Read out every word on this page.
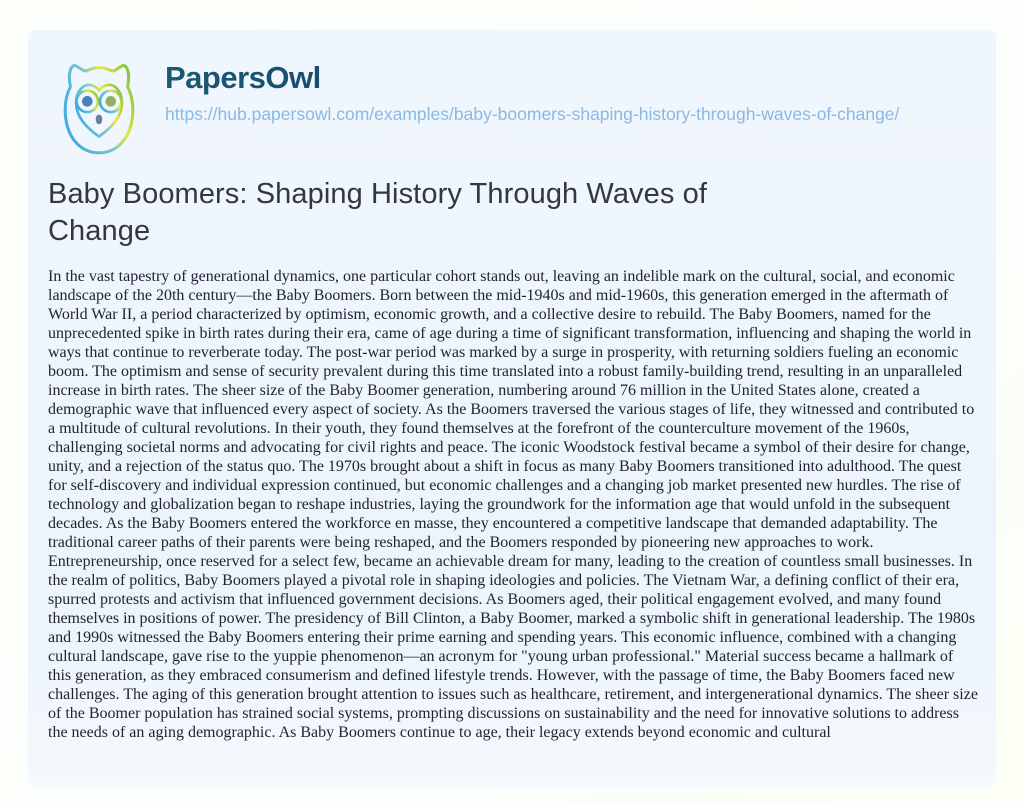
PapersOwl
https://hub.papersowl.com/examples/baby-boomers-shaping-history-through-waves-of-change/
Baby Boomers: Shaping History Through Waves of Change

In the vast tapestry of generational dynamics, one particular cohort stands out, leaving an indelible mark on the cultural, social, and economic landscape of the 20th century—the Baby Boomers. Born between the mid-1940s and mid-1960s, this generation emerged in the aftermath of World War II, a period characterized by optimism, economic growth, and a collective desire to rebuild. The Baby Boomers, named for the unprecedented spike in birth rates during their era, came of age during a time of significant transformation, influencing and shaping the world in ways that continue to reverberate today. The post-war period was marked by a surge in prosperity, with returning soldiers fueling an economic boom. The optimism and sense of security prevalent during this time translated into a robust family-building trend, resulting in an unparalleled increase in birth rates. The sheer size of the Baby Boomer generation, numbering around 76 million in the United States alone, created a demographic wave that influenced every aspect of society. As the Boomers traversed the various stages of life, they witnessed and contributed to a multitude of cultural revolutions. In their youth, they found themselves at the forefront of the counterculture movement of the 1960s, challenging societal norms and advocating for civil rights and peace. The iconic Woodstock festival became a symbol of their desire for change, unity, and a rejection of the status quo. The 1970s brought about a shift in focus as many Baby Boomers transitioned into adulthood. The quest for self-discovery and individual expression continued, but economic challenges and a changing job market presented new hurdles. The rise of technology and globalization began to reshape industries, laying the groundwork for the information age that would unfold in the subsequent decades. As the Baby Boomers entered the workforce en masse, they encountered a competitive landscape that demanded adaptability. The traditional career paths of their parents were being reshaped, and the Boomers responded by pioneering new approaches to work. Entrepreneurship, once reserved for a select few, became an achievable dream for many, leading to the creation of countless small businesses. In the realm of politics, Baby Boomers played a pivotal role in shaping ideologies and policies. The Vietnam War, a defining conflict of their era, spurred protests and activism that influenced government decisions. As Boomers aged, their political engagement evolved, and many found themselves in positions of power. The presidency of Bill Clinton, a Baby Boomer, marked a symbolic shift in generational leadership. The 1980s and 1990s witnessed the Baby Boomers entering their prime earning and spending years. This economic influence, combined with a changing cultural landscape, gave rise to the yuppie phenomenon—an acronym for "young urban professional." Material success became a hallmark of this generation, as they embraced consumerism and defined lifestyle trends. However, with the passage of time, the Baby Boomers faced new challenges. The aging of this generation brought attention to issues such as healthcare, retirement, and intergenerational dynamics. The sheer size of the Boomer population has strained social systems, prompting discussions on sustainability and the need for innovative solutions to address the needs of an aging demographic. As Baby Boomers continue to age, their legacy extends beyond economic and cultural
